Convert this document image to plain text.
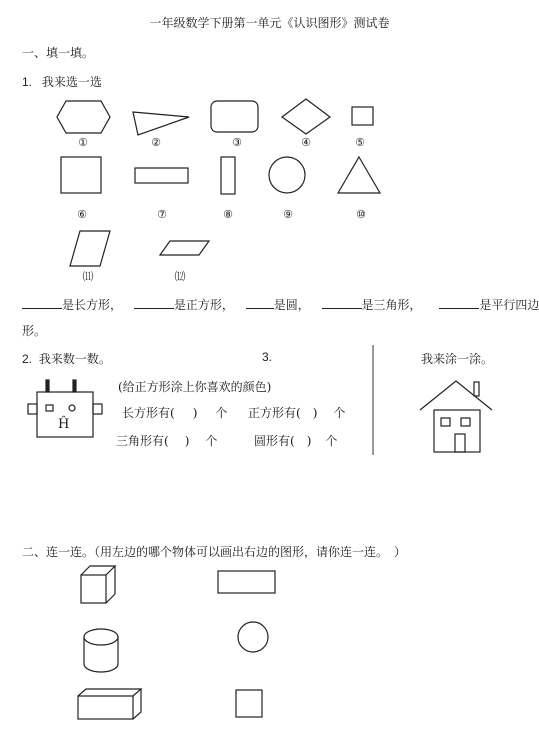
一年级数学下册第一单元《认识图形》测试卷
一、填一填。
1. 我来选一选
①	②	③	④	⑤
⑥	⑦	⑧	⑨	⑩
⑾	⑿
是长方形，	是正方形，	是圆，	是三角形，	是平行四边
形。
2. 我来数一数。
Ĥ
3.
(给正方形涂上你喜欢的颜色)
长方形有( ) 个 正方形有( ) 个
三角形有( ) 个	圆形有( ) 个
我来涂一涂。
二、连一连。（用左边的哪个物体可以画出右边的图形，请你连一连。　）
